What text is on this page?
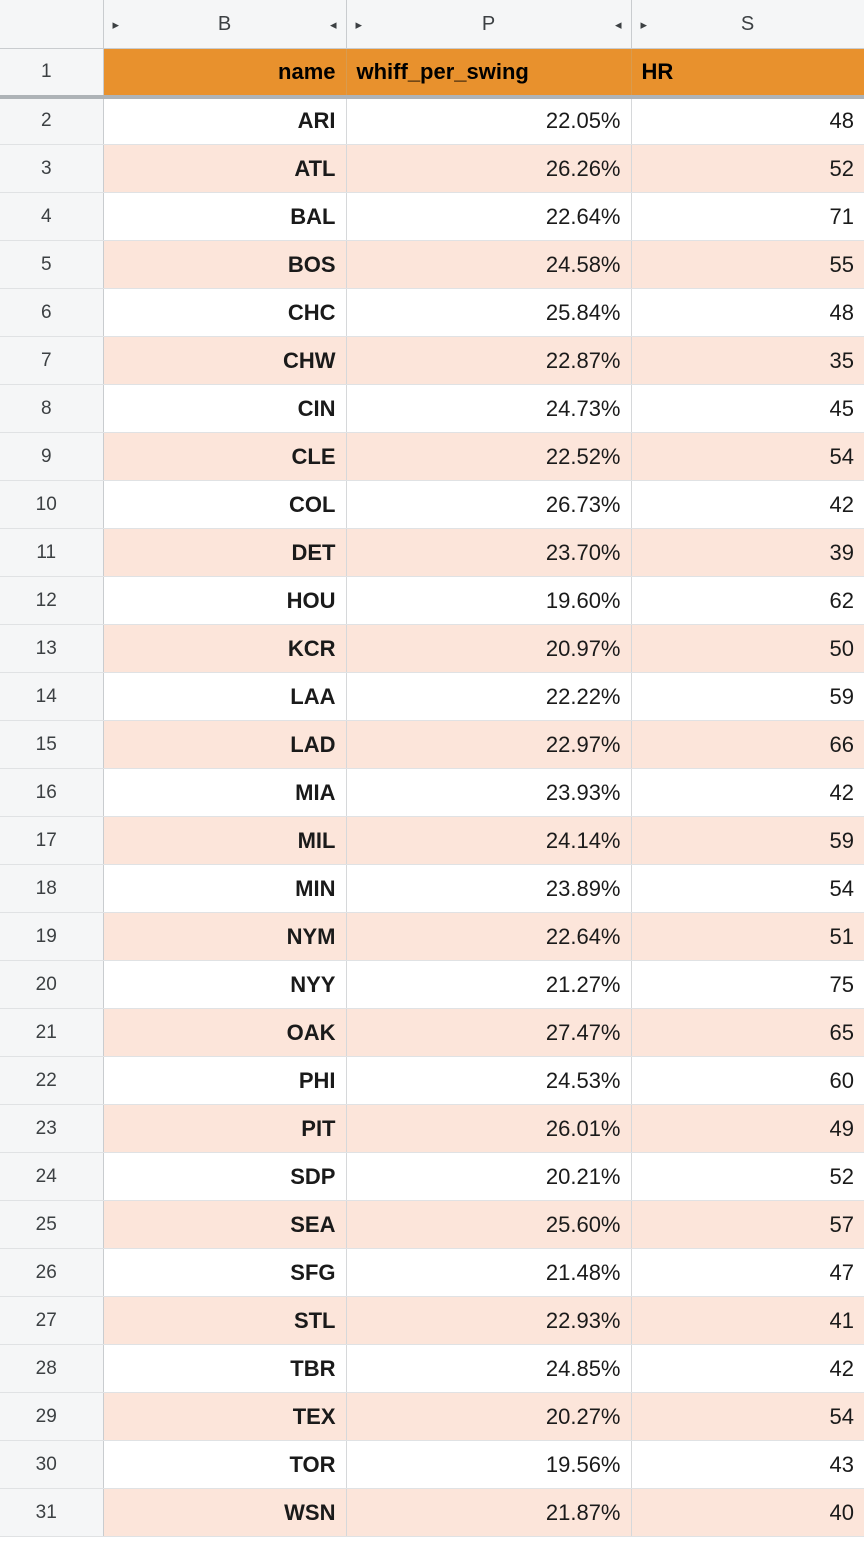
	▸ ◂
B	▸ ◂
P	▸ S

1	name	whiff_per_swing	HR
2	ARI	22.05%	48
3	ATL	26.26%	52
4	BAL	22.64%	71
5	BOS	24.58%	55
6	CHC	25.84%	48
7	CHW	22.87%	35
8	CIN	24.73%	45
9	CLE	22.52%	54
10	COL	26.73%	42
11	DET	23.70%	39
12	HOU	19.60%	62
13	KCR	20.97%	50
14	LAA	22.22%	59
15	LAD	22.97%	66
16	MIA	23.93%	42
17	MIL	24.14%	59
18	MIN	23.89%	54
19	NYM	22.64%	51
20	NYY	21.27%	75
21	OAK	27.47%	65
22	PHI	24.53%	60
23	PIT	26.01%	49
24	SDP	20.21%	52
25	SEA	25.60%	57
26	SFG	21.48%	47
27	STL	22.93%	41
28	TBR	24.85%	42
29	TEX	20.27%	54
30	TOR	19.56%	43
31	WSN	21.87%	40
